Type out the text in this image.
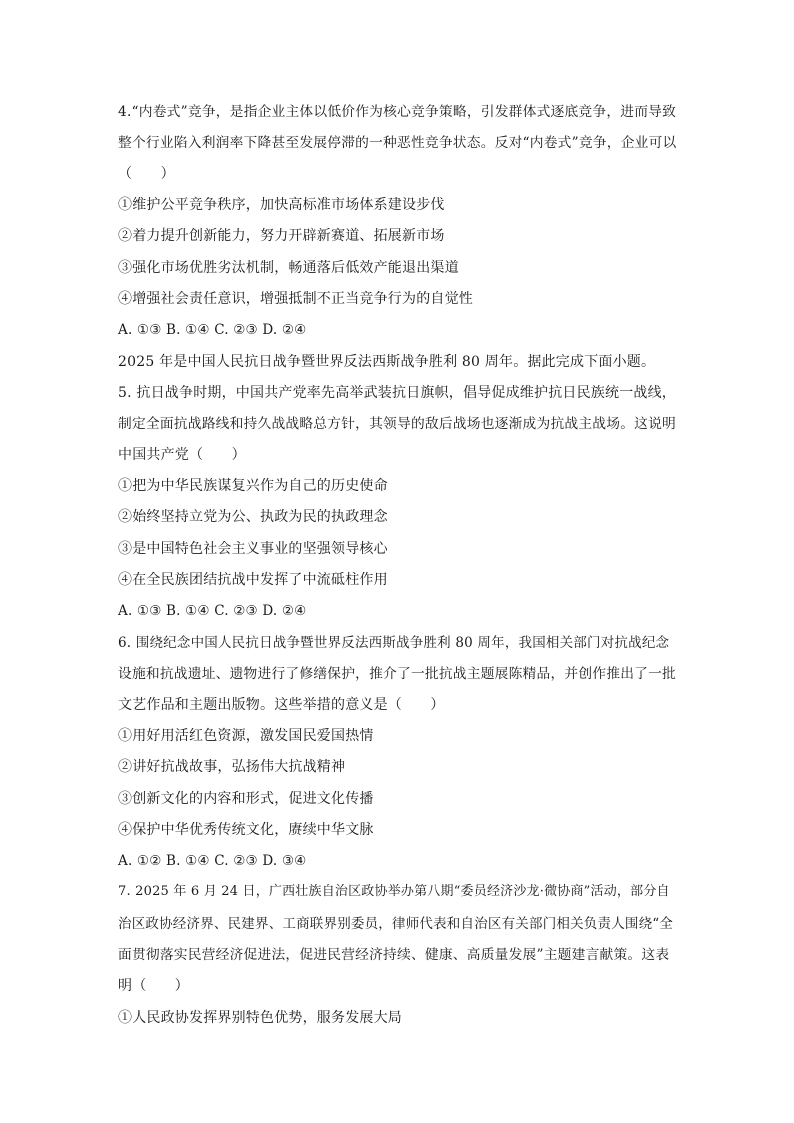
4.“内卷式”竞争，是指企业主体以低价作为核心竞争策略，引发群体式逐底竞争，进而导致
整个行业陷入利润率下降甚至发展停滞的一种恶性竞争状态。反对“内卷式”竞争，企业可以
（　　）
①维护公平竞争秩序，加快高标准市场体系建设步伐
②着力提升创新能力，努力开辟新赛道、拓展新市场
③强化市场优胜劣汰机制，畅通落后低效产能退出渠道
④增强社会责任意识，增强抵制不正当竞争行为的自觉性
A. ①③ B. ①④ C. ②③ D. ②④
2025 年是中国人民抗日战争暨世界反法西斯战争胜利 80 周年。据此完成下面小题。
5. 抗日战争时期，中国共产党率先高举武装抗日旗帜，倡导促成维护抗日民族统一战线，
制定全面抗战路线和持久战战略总方针，其领导的敌后战场也逐渐成为抗战主战场。这说明
中国共产党（　　）
①把为中华民族谋复兴作为自己的历史使命
②始终坚持立党为公、执政为民的执政理念
③是中国特色社会主义事业的坚强领导核心
④在全民族团结抗战中发挥了中流砥柱作用
A. ①③ B. ①④ C. ②③ D. ②④
6. 围绕纪念中国人民抗日战争暨世界反法西斯战争胜利 80 周年，我国相关部门对抗战纪念
设施和抗战遗址、遗物进行了修缮保护，推介了一批抗战主题展陈精品，并创作推出了一批
文艺作品和主题出版物。这些举措的意义是（　　）
①用好用活红色资源，激发国民爱国热情
②讲好抗战故事，弘扬伟大抗战精神
③创新文化的内容和形式，促进文化传播
④保护中华优秀传统文化，赓续中华文脉
A. ①② B. ①④ C. ②③ D. ③④
7. 2025 年 6 月 24 日，广西壮族自治区政协举办第八期“委员经济沙龙·微协商”活动，部分自
治区政协经济界、民建界、工商联界别委员，律师代表和自治区有关部门相关负责人围绕“全
面贯彻落实民营经济促进法，促进民营经济持续、健康、高质量发展”主题建言献策。这表
明（　　）
①人民政协发挥界别特色优势，服务发展大局
